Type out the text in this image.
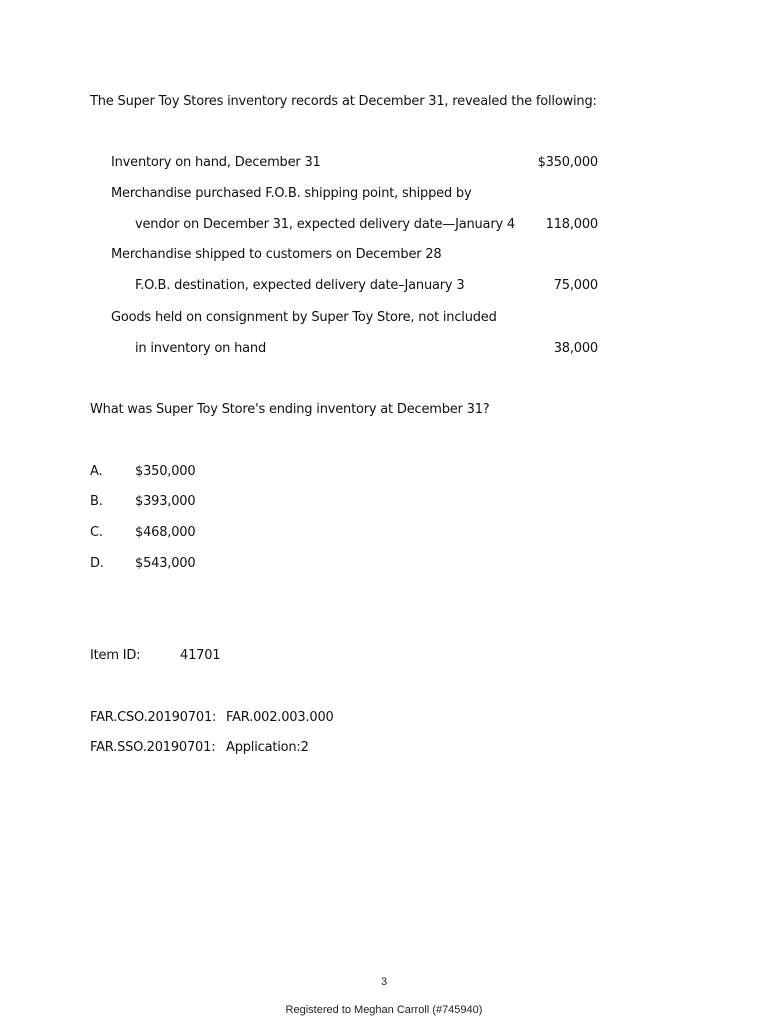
The Super Toy Stores inventory records at December 31, revealed the following:
Inventory on hand, December 31	$350,000
Merchandise purchased F.O.B. shipping point, shipped by
vendor on December 31, expected delivery date—January 4	118,000
Merchandise shipped to customers on December 28
F.O.B. destination, expected delivery date–January 3	75,000
Goods held on consignment by Super Toy Store, not included
in inventory on hand	38,000
What was Super Toy Store's ending inventory at December 31?
A.	$350,000
B. $393,000
C. $468,000
D. $543,000
Item ID:	41701
FAR.CSO.20190701: FAR.002.003.000
FAR.SSO.20190701: Application:2
3
Registered to Meghan Carroll (#745940)
